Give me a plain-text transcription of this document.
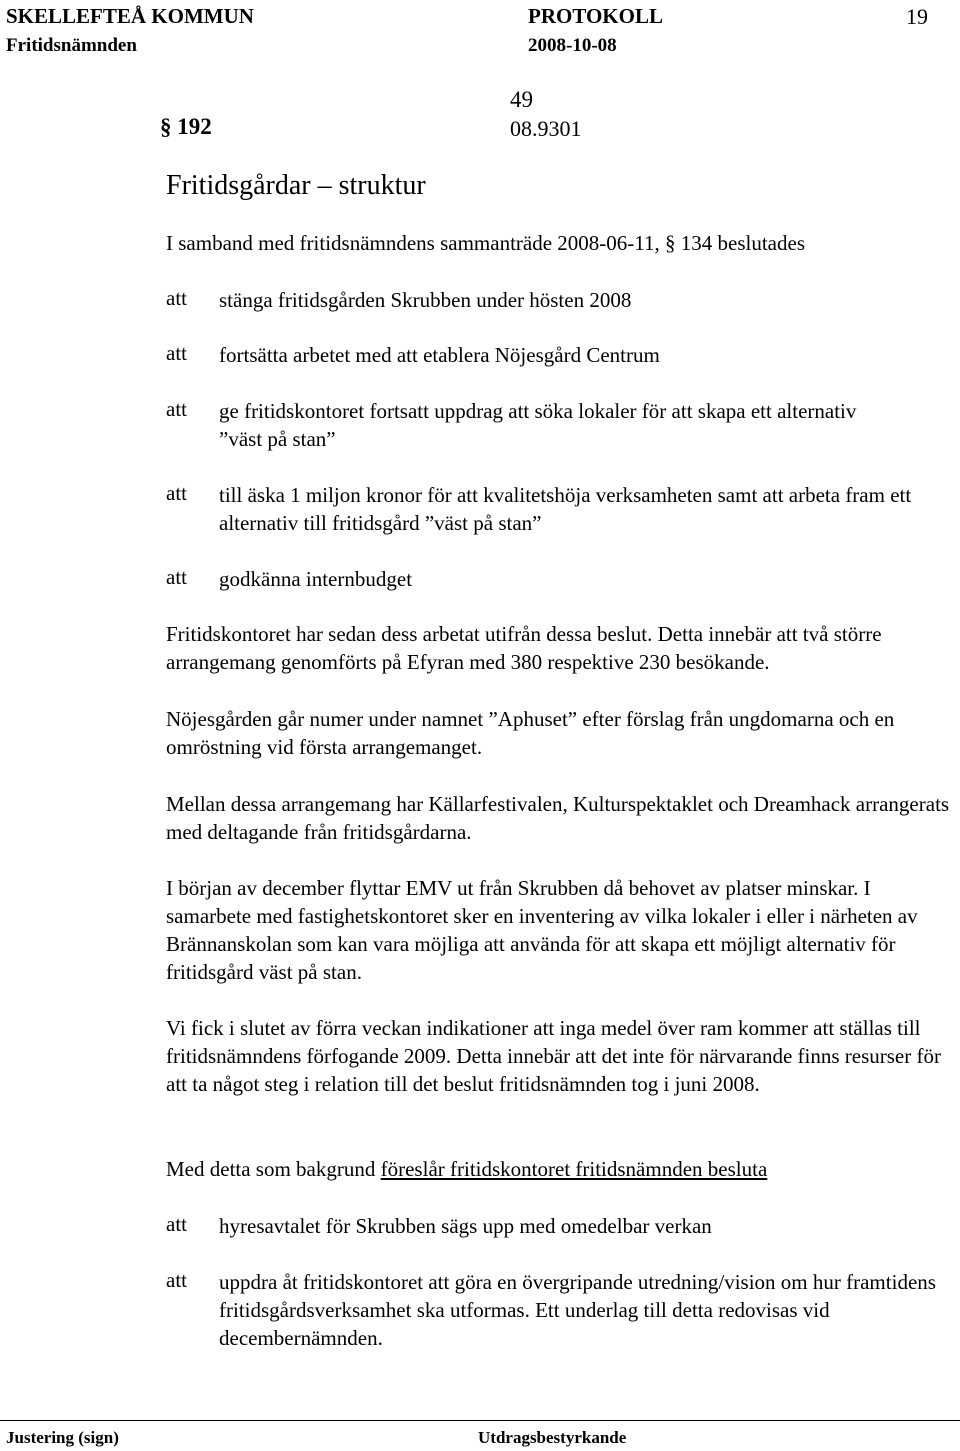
SKELLEFTEÅ KOMMUN	PROTOKOLL	19
Fritidsnämnden	2008-10-08
49
§ 192	08.9301
Fritidsgårdar – struktur
I samband med fritidsnämndens sammanträde 2008-06-11, § 134 beslutades
att stänga fritidsgården Skrubben under hösten 2008
att fortsätta arbetet med att etablera Nöjesgård Centrum
att ge fritidskontoret fortsatt uppdrag att söka lokaler för att skapa ett alternativ ”väst på stan”
att till äska 1 miljon kronor för att kvalitetshöja verksamheten samt att arbeta fram ett alternativ till fritidsgård ”väst på stan”
att godkänna internbudget
Fritidskontoret har sedan dess arbetat utifrån dessa beslut. Detta innebär att två större arrangemang genomförts på Efyran med 380 respektive 230 besökande.
Nöjesgården går numer under namnet ”Aphuset” efter förslag från ungdomarna och en omröstning vid första arrangemanget.
Mellan dessa arrangemang har Källarfestivalen, Kulturspektaklet och Dreamhack arrangerats med deltagande från fritidsgårdarna.
I början av december flyttar EMV ut från Skrubben då behovet av platser minskar. I samarbete med fastighetskontoret sker en inventering av vilka lokaler i eller i närheten av Brännanskolan som kan vara möjliga att använda för att skapa ett möjligt alternativ för fritidsgård väst på stan.
Vi fick i slutet av förra veckan indikationer att inga medel över ram kommer att ställas till fritidsnämndens förfogande 2009. Detta innebär att det inte för närvarande finns resurser för att ta något steg i relation till det beslut fritidsnämnden tog i juni 2008.
Med detta som bakgrund föreslår fritidskontoret fritidsnämnden besluta
att hyresavtalet för Skrubben sägs upp med omedelbar verkan
att uppdra åt fritidskontoret att göra en övergripande utredning/vision om hur framtidens fritidsgårdsverksamhet ska utformas. Ett underlag till detta redovisas vid decembernämnden.
Justering (sign)	Utdragsbestyrkande
